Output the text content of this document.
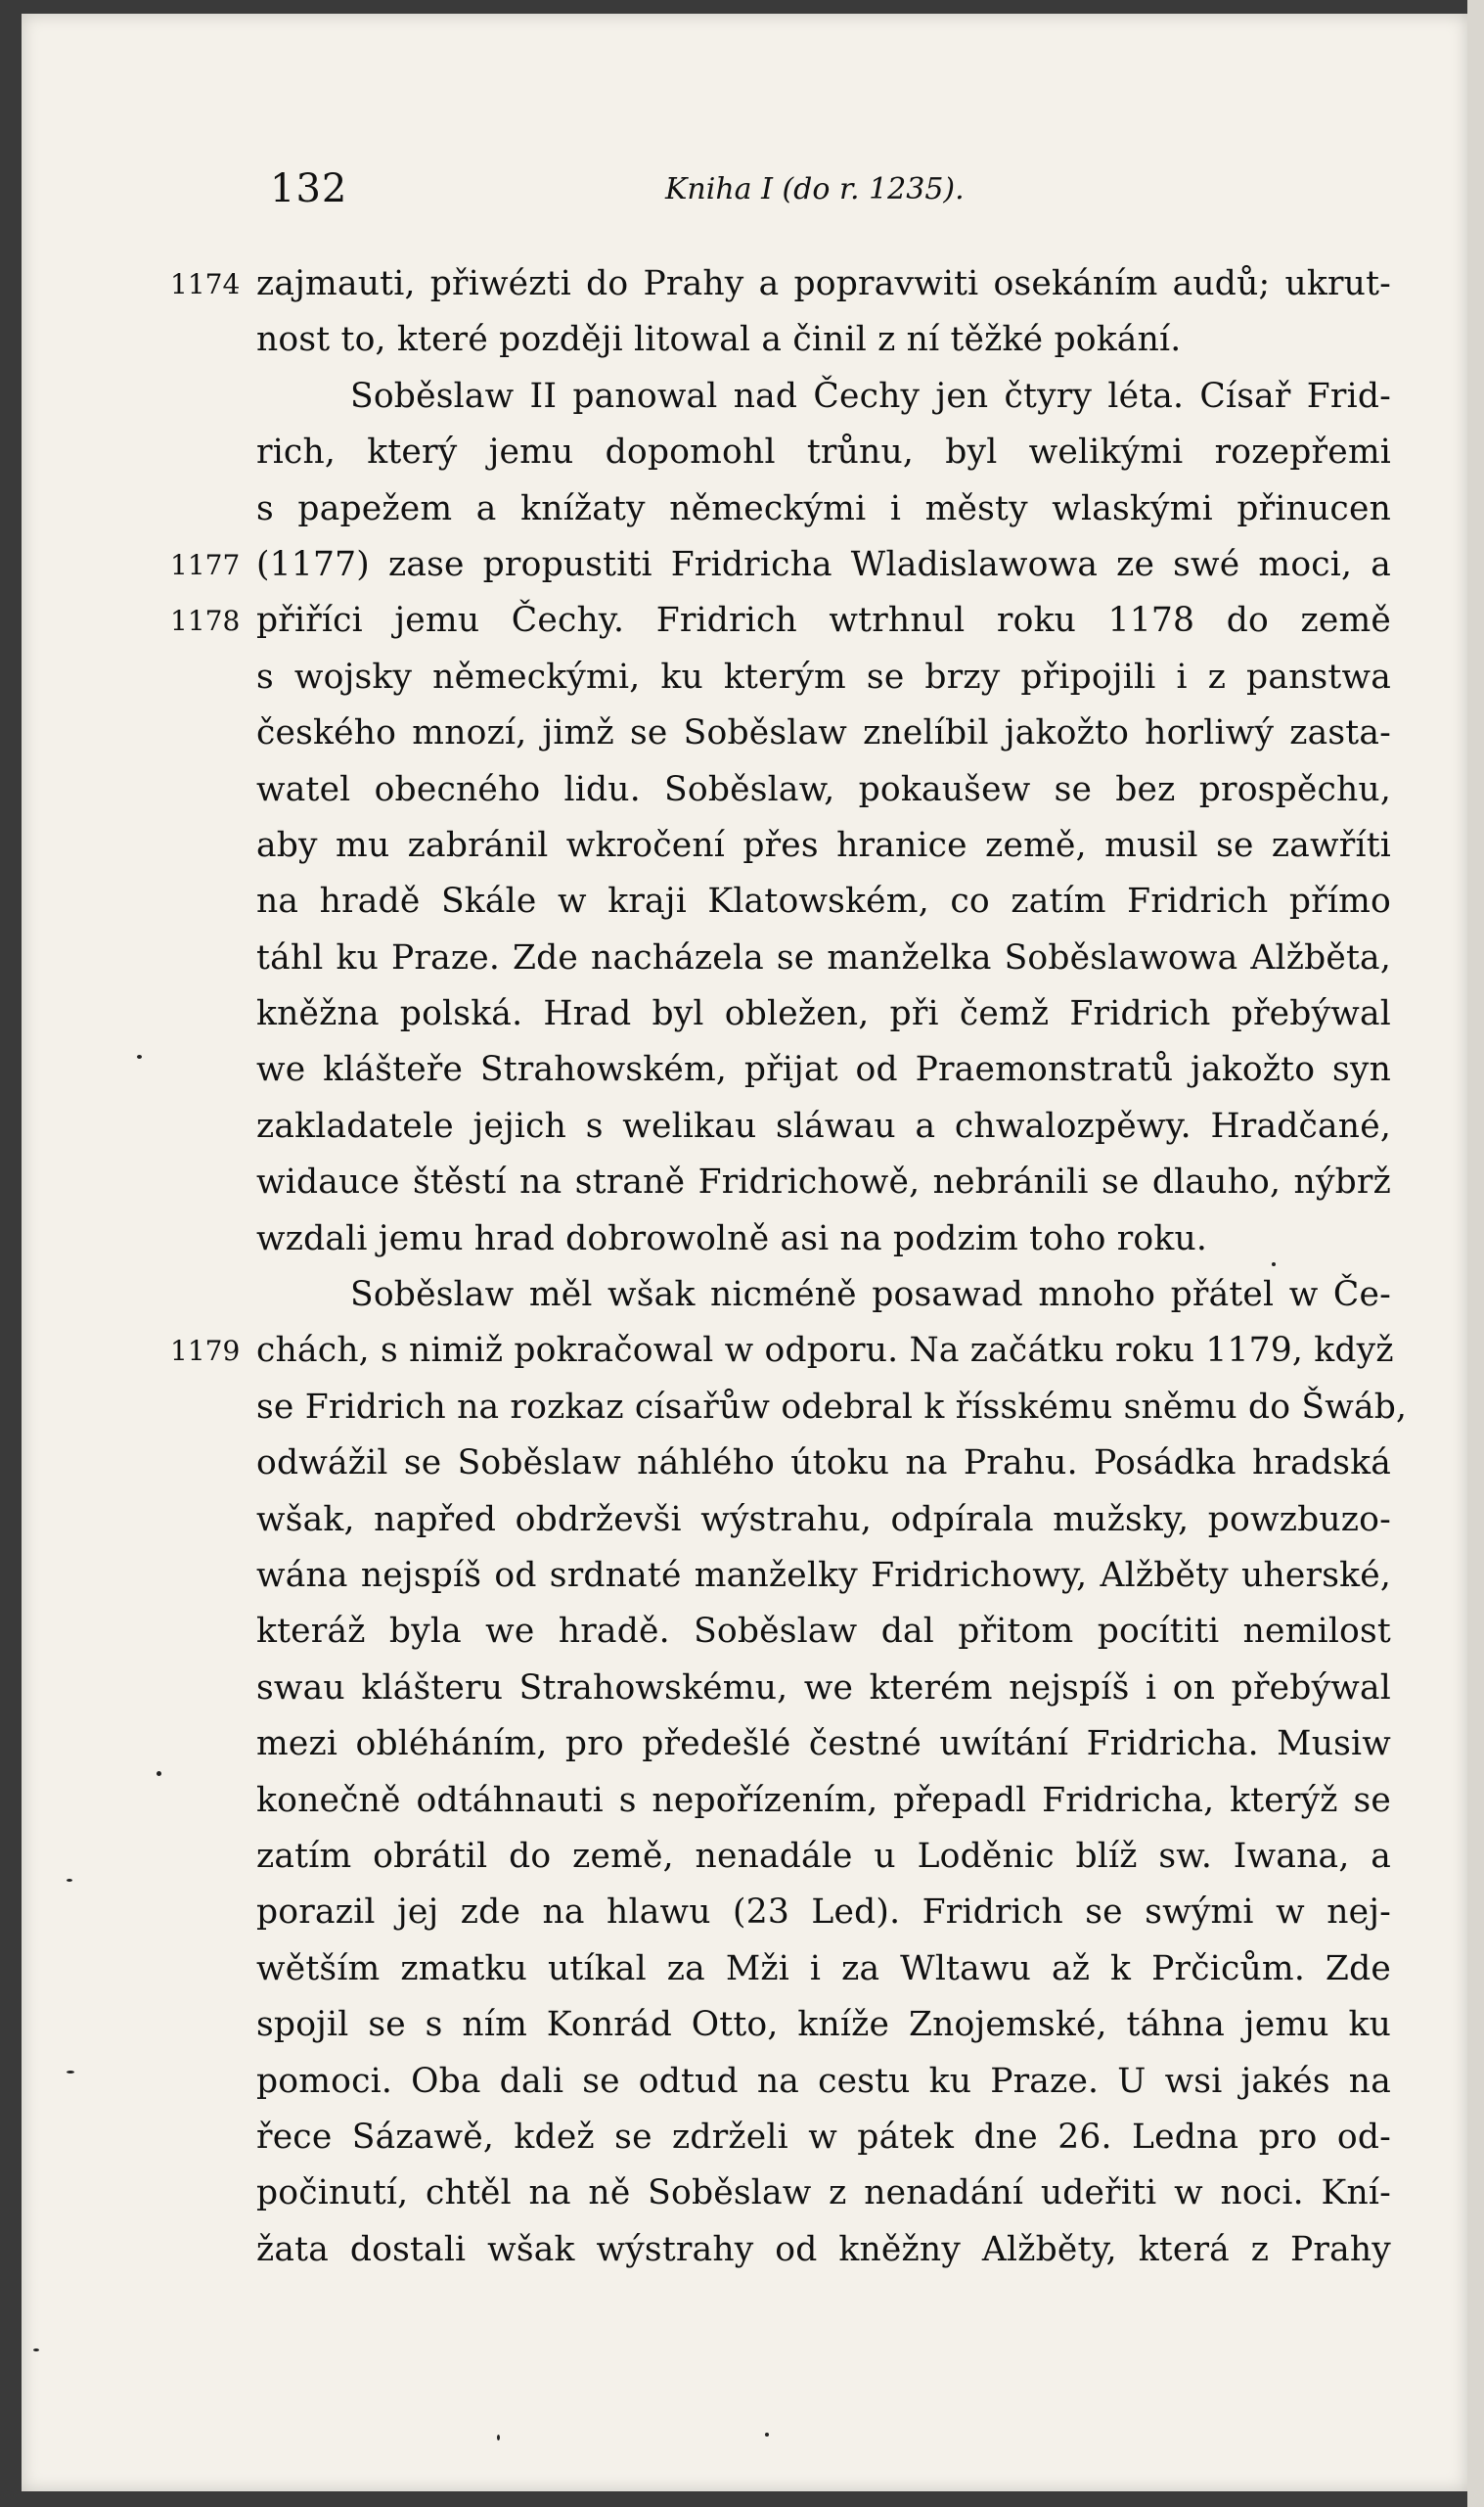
132	Kniha I (do r. 1235).
1174 zajmauti, přiwézti do Prahy a popravwiti osekáním audů; ukrut-
nost to, které později litowal a činil z ní těžké pokání.
Soběslaw II panowal nad Čechy jen čtyry léta. Císař Frid-
rich, který jemu dopomohl trůnu, byl welikými rozepřemi
s papežem a knížaty německými i městy wlaskými přinucen
1177 (1177) zase propustiti Fridricha Wladislawowa ze swé moci, a
1178 přiříci jemu Čechy. Fridrich wtrhnul roku 1178 do země
s wojsky německými, ku kterým se brzy připojili i z panstwa
českého mnozí, jimž se Soběslaw znelíbil jakožto horliwý zasta-
watel obecného lidu. Soběslaw, pokaušew se bez prospěchu,
aby mu zabránil wkročení přes hranice země, musil se zawříti
na hradě Skále w kraji Klatowském, co zatím Fridrich přímo
táhl ku Praze. Zde nacházela se manželka Soběslawowa Alžběta,
kněžna polská. Hrad byl obležen, při čemž Fridrich přebýwal
we klášteře Strahowském, přijat od Praemonstratů jakožto syn
zakladatele jejich s welikau sláwau a chwalozpěwy. Hradčané,
widauce štěstí na straně Fridrichowě, nebránili se dlauho, nýbrž
wzdali jemu hrad dobrowolně asi na podzim toho roku.
Soběslaw měl wšak nicméně posawad mnoho přátel w Če-
1179 chách, s nimiž pokračowal w odporu. Na začátku roku 1179, když
se Fridrich na rozkaz císařůw odebral k řísskému sněmu do Šwáb,
odwážil se Soběslaw náhlého útoku na Prahu. Posádka hradská
wšak, napřed obdrževši wýstrahu, odpírala mužsky, powzbuzo-
wána nejspíš od srdnaté manželky Fridrichowy, Alžběty uherské,
kteráž byla we hradě. Soběslaw dal přitom pocítiti nemilost
swau klášteru Strahowskému, we kterém nejspíš i on přebýwal
mezi obléháním, pro předešlé čestné uwítání Fridricha. Musiw
konečně odtáhnauti s nepořízením, přepadl Fridricha, kterýž se
zatím obrátil do země, nenadále u Loděnic blíž sw. Iwana, a
porazil jej zde na hlawu (23 Led). Fridrich se swými w nej-
wětším zmatku utíkal za Mži i za Wltawu až k Prčicům. Zde
spojil se s ním Konrád Otto, kníže Znojemské, táhna jemu ku
pomoci. Oba dali se odtud na cestu ku Praze. U wsi jakés na
řece Sázawě, kdež se zdrželi w pátek dne 26. Ledna pro od-
počinutí, chtěl na ně Soběslaw z nenadání udeřiti w noci. Kní-
žata dostali wšak wýstrahy od kněžny Alžběty, která z Prahy
